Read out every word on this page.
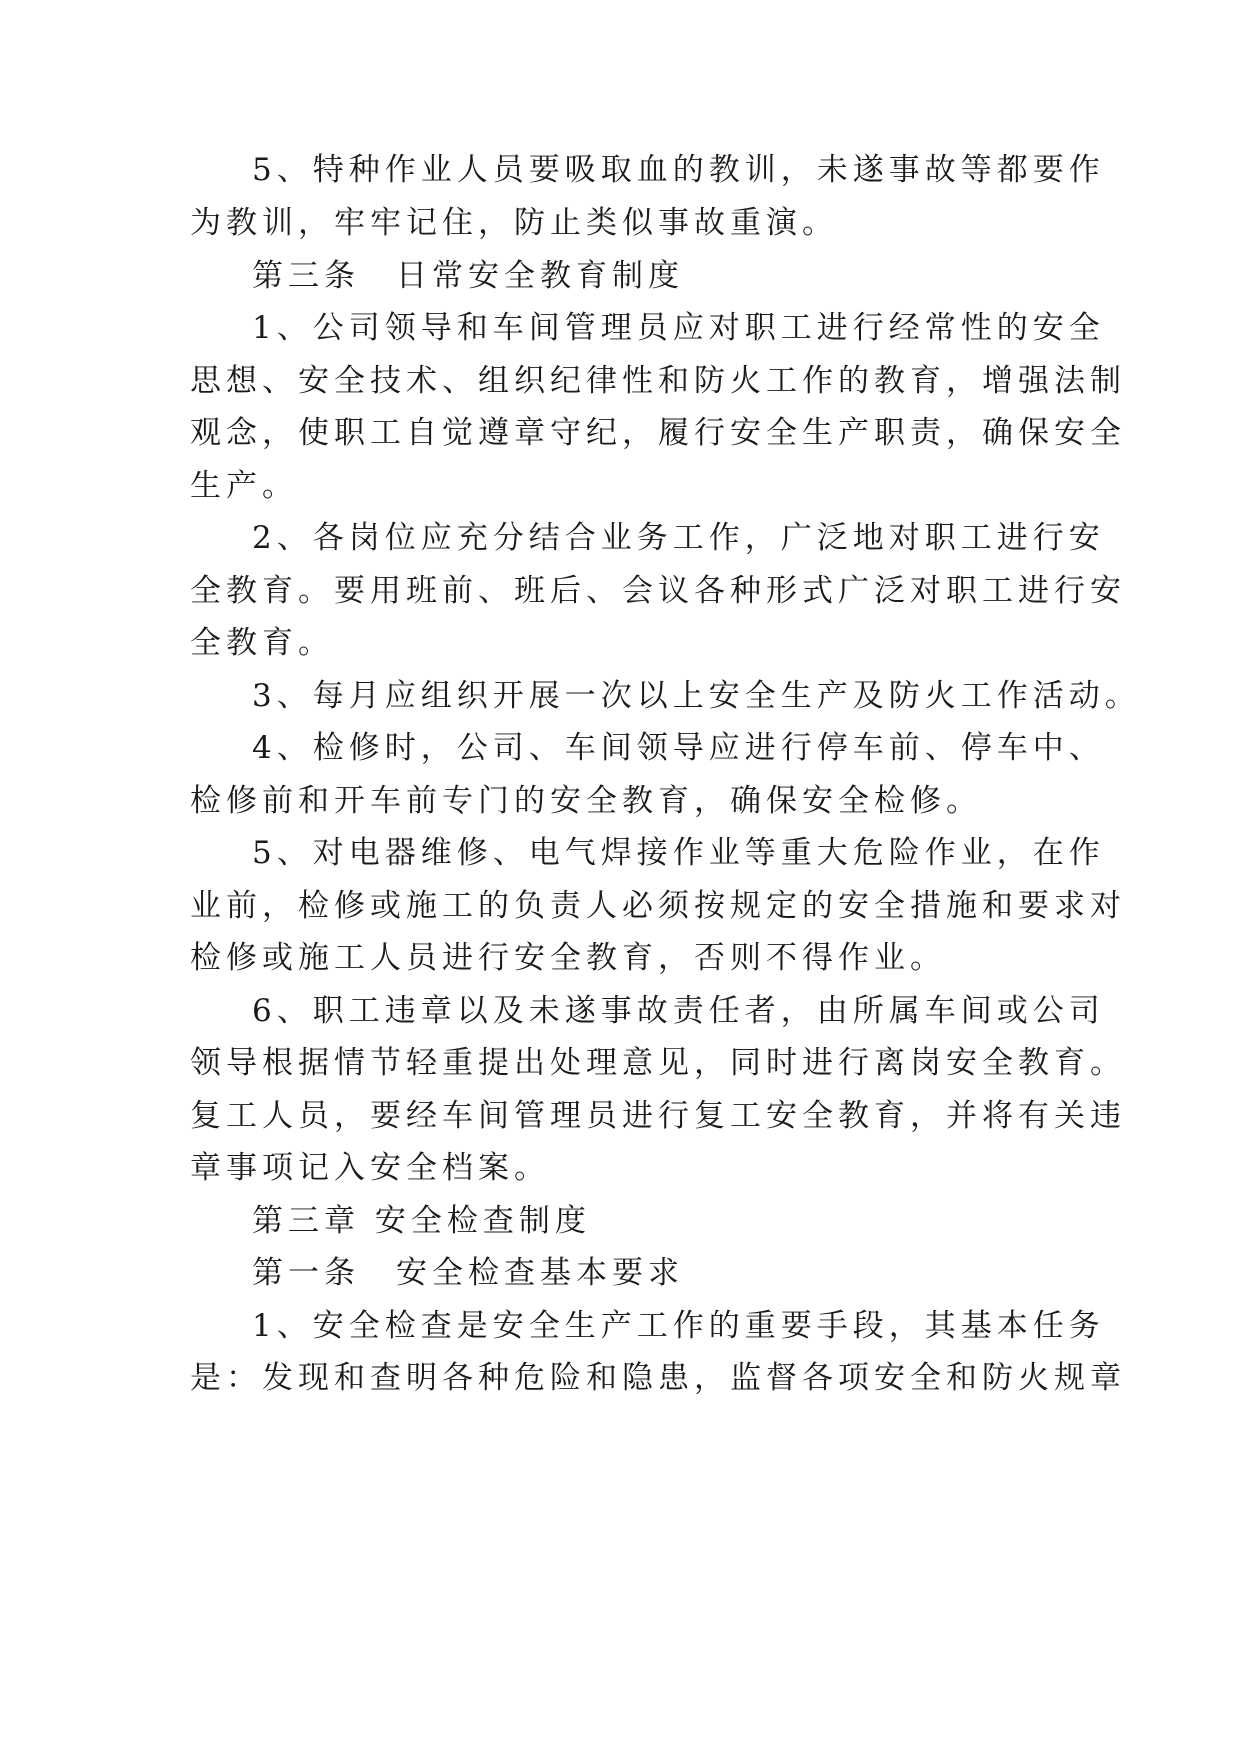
5、特种作业人员要吸取血的教训，未遂事故等都要作
为教训，牢牢记住，防止类似事故重演。
第三条　日常安全教育制度
1、公司领导和车间管理员应对职工进行经常性的安全
思想、安全技术、组织纪律性和防火工作的教育，增强法制
观念，使职工自觉遵章守纪，履行安全生产职责，确保安全
生产。
2、各岗位应充分结合业务工作，广泛地对职工进行安
全教育。要用班前、班后、会议各种形式广泛对职工进行安
全教育。
3、每月应组织开展一次以上安全生产及防火工作活动。
4、检修时，公司、车间领导应进行停车前、停车中、
检修前和开车前专门的安全教育，确保安全检修。
5、对电器维修、电气焊接作业等重大危险作业，在作
业前，检修或施工的负责人必须按规定的安全措施和要求对
检修或施工人员进行安全教育，否则不得作业。
6、职工违章以及未遂事故责任者，由所属车间或公司
领导根据情节轻重提出处理意见，同时进行离岗安全教育。
复工人员，要经车间管理员进行复工安全教育，并将有关违
章事项记入安全档案。
第三章 安全检查制度
第一条　安全检查基本要求
1、安全检查是安全生产工作的重要手段，其基本任务
是：发现和查明各种危险和隐患，监督各项安全和防火规章
